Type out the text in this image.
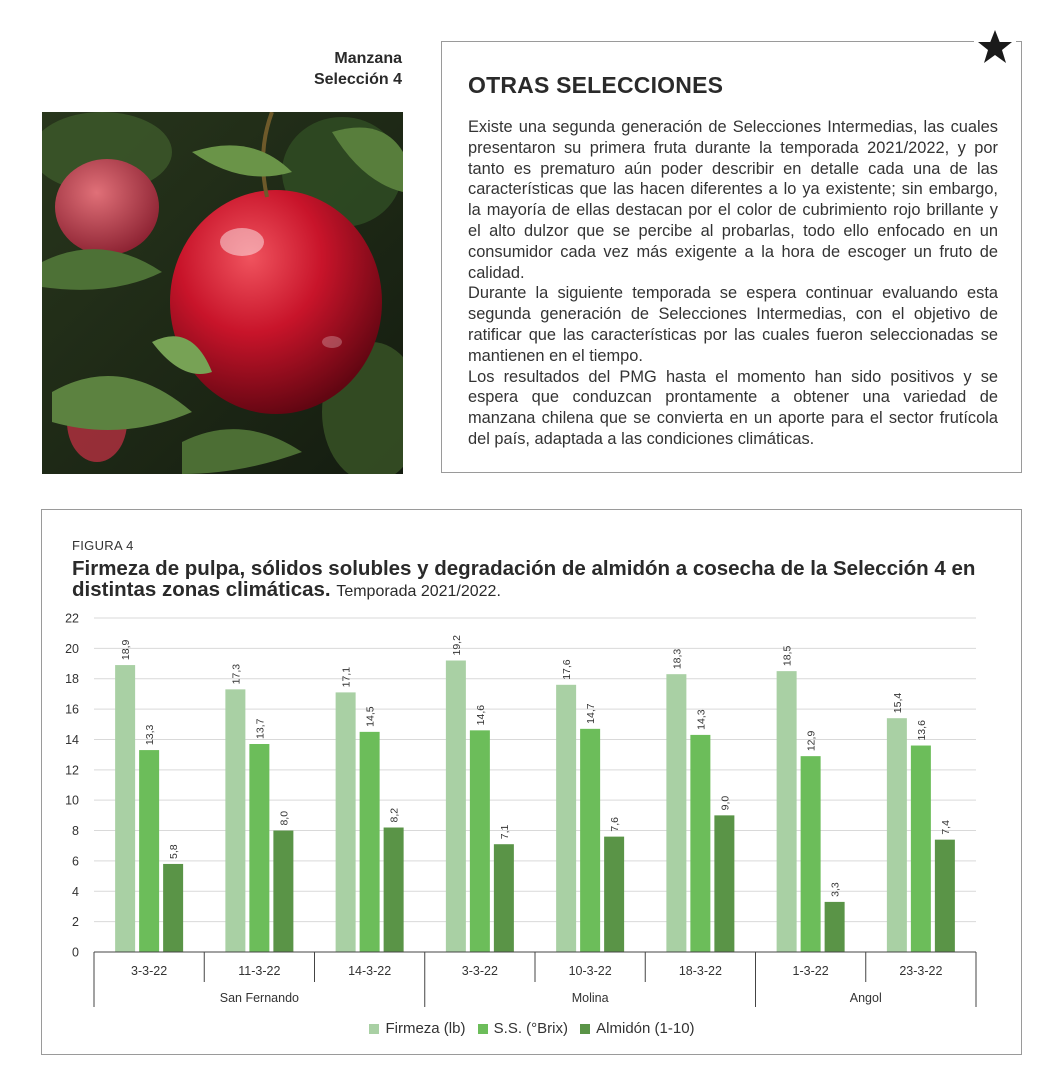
Manzana
Selección 4	OTRAS SELECCIONES

Existe una segunda generación de Selecciones Intermedias, las cuales presentaron su primera fruta durante la temporada 2021/2022, y por tanto es prematuro aún poder describir en detalle cada una de las características que las hacen diferentes a lo ya existente; sin embargo, la mayoría de ellas destacan por el color de cubrimiento rojo brillante y el alto dulzor que se percibe al probarlas, todo ello enfocado en un consumidor cada vez más exigente a la hora de escoger un fruto de calidad.

Durante la siguiente temporada se espera continuar evaluando esta segunda generación de Selecciones Intermedias, con el objetivo de ratificar que las características por las cuales fueron seleccionadas se mantienen en el tiempo.

Los resultados del PMG hasta el momento han sido positivos y se espera que conduzcan prontamente a obtener una variedad de manzana chilena que se convierta en un aporte para el sector frutícola del país, adaptada a las condiciones climáticas.

FIGURA 4
Firmeza de pulpa, sólidos solubles y degradación de almidón a cosecha de la Selección 4 en distintas zonas climáticas. Temporada 2021/2022.
0
2
4
6
8
10
12
14
16
18
20
22
18,9
13,3
5,8
3-3-22
17,3
13,7
8,0
11-3-22
17,1
14,5
8,2
14-3-22
19,2
14,6
7,1
3-3-22
17,6
14,7
7,6
10-3-22
18,3
14,3
9,0
18-3-22
18,5
12,9
3,3
1-3-22
15,4
13,6
7,4
23-3-22
San Fernando	Molina	Angol
Firmeza (lb)
S.S. (°Brix)
Almidón (1-10)
